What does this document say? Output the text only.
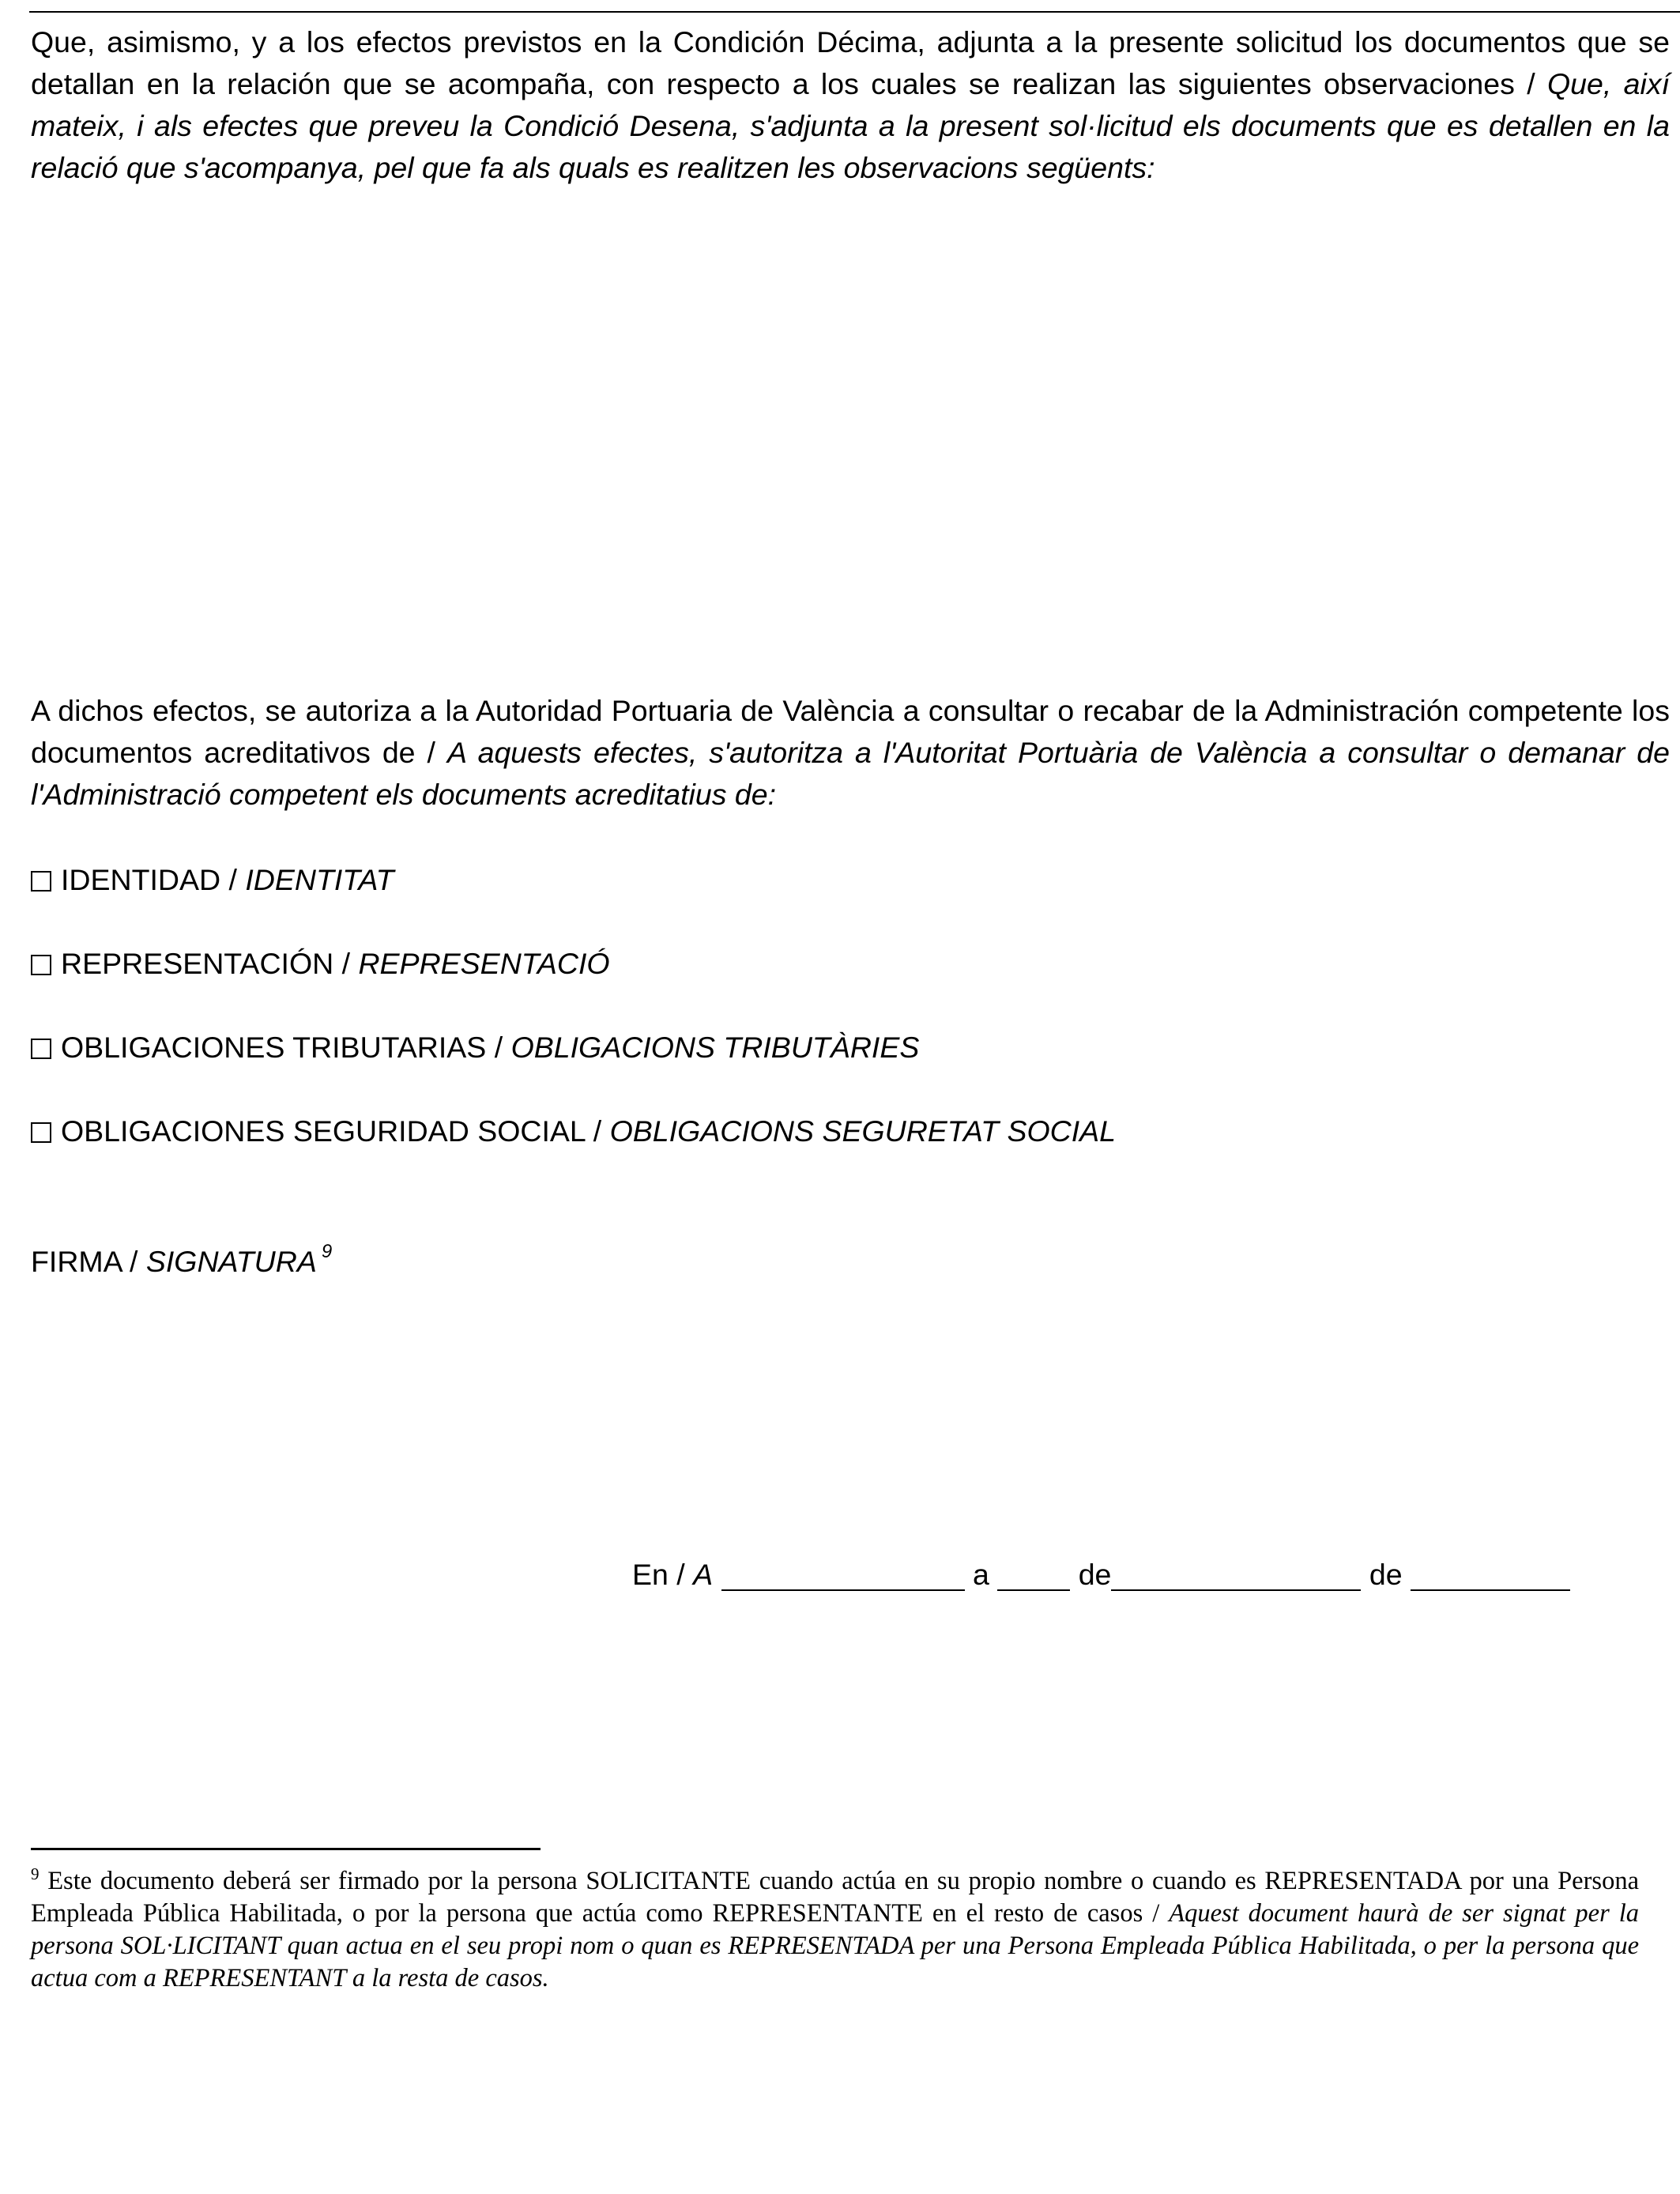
Que, asimismo, y a los efectos previstos en la Condición Décima, adjunta a la presente solicitud los documentos que se detallan en la relación que se acompaña, con respecto a los cuales se realizan las siguientes observaciones / Que, així mateix, i als efectes que preveu la Condició Desena, s'adjunta a la present sol·licitud els documents que es detallen en la relació que s'acompanya, pel que fa als quals es realitzen les observacions següents:

A dichos efectos, se autoriza a la Autoridad Portuaria de València a consultar o recabar de la Administración competente los documentos acreditativos de / A aquests efectes, s'autoritza a l'Autoritat Portuària de València a consultar o demanar de l'Administració competent els documents acreditatius de:

IDENTIDAD / IDENTITAT
REPRESENTACIÓN / REPRESENTACIÓ
OBLIGACIONES TRIBUTARIAS / OBLIGACIONS TRIBUTÀRIES
OBLIGACIONES SEGURIDAD SOCIAL / OBLIGACIONS SEGURETAT SOCIAL
FIRMA / SIGNATURA $^9$
En / A	a	de	de

$^9$ Este documento deberá ser firmado por la persona SOLICITANTE cuando actúa en su propio nombre o cuando es REPRESENTADA por una Persona Empleada Pública Habilitada, o por la persona que actúa como REPRESENTANTE en el resto de casos / Aquest document haurà de ser signat per la persona SOL·LICITANT quan actua en el seu propi nom o quan es REPRESENTADA per una Persona Empleada Pública Habilitada, o per la persona que actua com a REPRESENTANT a la resta de casos.
